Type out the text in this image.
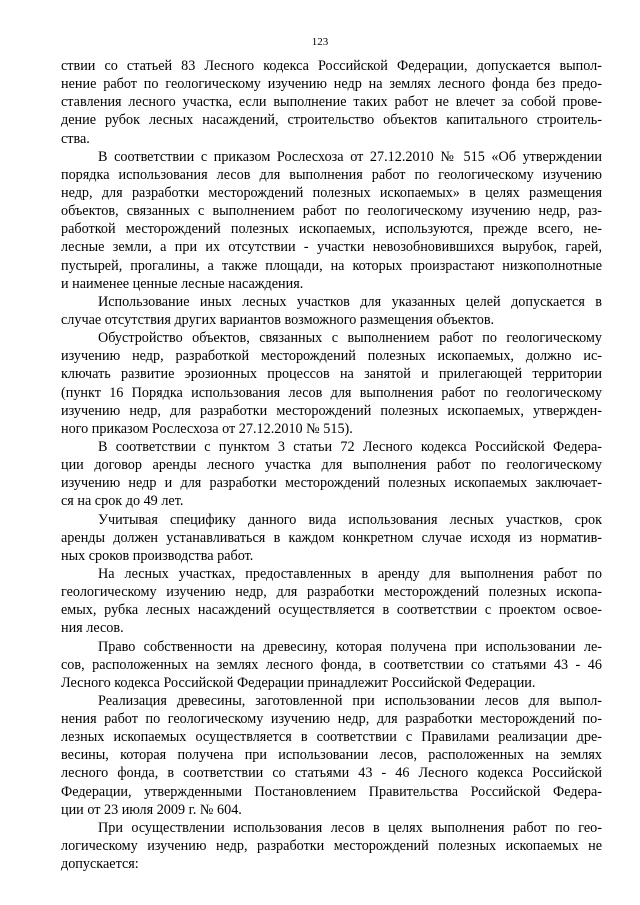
123
ствии со статьей 83 Лесного кодекса Российской Федерации, допускается выпол-
нение работ по геологическому изучению недр на землях лесного фонда без предо-
ставления лесного участка, если выполнение таких работ не влечет за собой прове-
дение рубок лесных насаждений, строительство объектов капитального строитель-
ства.
В соответствии с приказом Рослесхоза от 27.12.2010 № 515 «Об утверждении
порядка использования лесов для выполнения работ по геологическому изучению
недр, для разработки месторождений полезных ископаемых» в целях размещения
объектов, связанных с выполнением работ по геологическому изучению недр, раз-
работкой месторождений полезных ископаемых, используются, прежде всего, не-
лесные земли, а при их отсутствии - участки невозобновившихся вырубок, гарей,
пустырей, прогалины, а также площади, на которых произрастают низкополнотные
и наименее ценные лесные насаждения.
Использование иных лесных участков для указанных целей допускается в
случае отсутствия других вариантов возможного размещения объектов.
Обустройство объектов, связанных с выполнением работ по геологическому
изучению недр, разработкой месторождений полезных ископаемых, должно ис-
ключать развитие эрозионных процессов на занятой и прилегающей территории
(пункт 16 Порядка использования лесов для выполнения работ по геологическому
изучению недр, для разработки месторождений полезных ископаемых, утвержден-
ного приказом Рослесхоза от 27.12.2010 № 515).
В соответствии с пунктом 3 статьи 72 Лесного кодекса Российской Федера-
ции договор аренды лесного участка для выполнения работ по геологическому
изучению недр и для разработки месторождений полезных ископаемых заключает-
ся на срок до 49 лет.
Учитывая специфику данного вида использования лесных участков, срок
аренды должен устанавливаться в каждом конкретном случае исходя из норматив-
ных сроков производства работ.
На лесных участках, предоставленных в аренду для выполнения работ по
геологическому изучению недр, для разработки месторождений полезных ископа-
емых, рубка лесных насаждений осуществляется в соответствии с проектом освое-
ния лесов.
Право собственности на древесину, которая получена при использовании ле-
сов, расположенных на землях лесного фонда, в соответствии со статьями 43 - 46
Лесного кодекса Российской Федерации принадлежит Российской Федерации.
Реализация древесины, заготовленной при использовании лесов для выпол-
нения работ по геологическому изучению недр, для разработки месторождений по-
лезных ископаемых осуществляется в соответствии с Правилами реализации дре-
весины, которая получена при использовании лесов, расположенных на землях
лесного фонда, в соответствии со статьями 43 - 46 Лесного кодекса Российской
Федерации, утвержденными Постановлением Правительства Российской Федера-
ции от 23 июля 2009 г. № 604.
При осуществлении использования лесов в целях выполнения работ по гео-
логическому изучению недр, разработки месторождений полезных ископаемых не
допускается:
